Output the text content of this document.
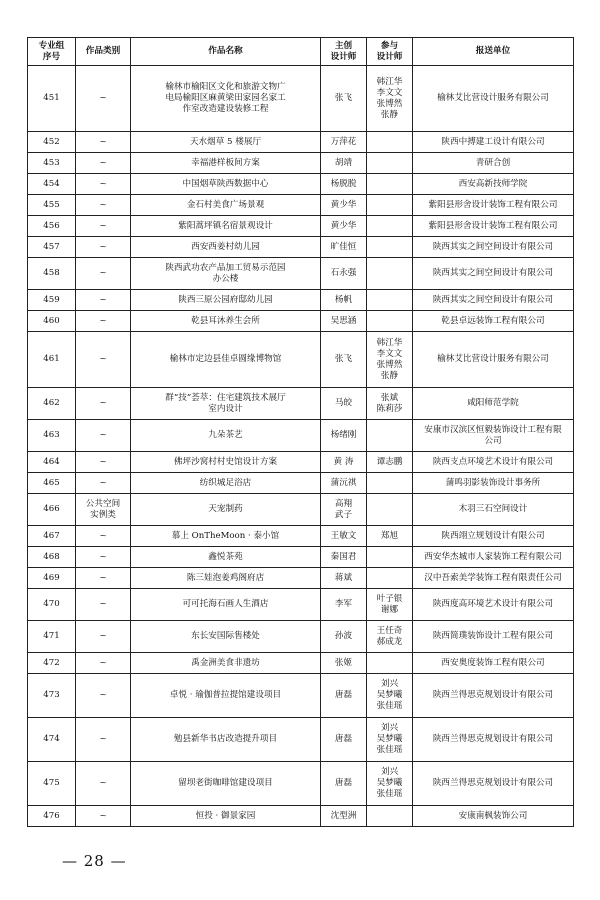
专业组
序号	作品类别	作品名称	主创
设计师	参与
设计师	报送单位
451	~	榆林市榆阳区文化和旅游文物广
电局榆阳区麻黄梁田家园名家工
作室改造建设装修工程	张飞	韩江华
李文文
张博然
张静	榆林艾比营设计服务有限公司
452	~	天水烟草 5 楼展厅	万萍花		陕西中搏建工设计有限公司
453	~	幸福港样板间方案	胡靖		青研合创
454	~	中国烟草陕西数据中心	杨脱脱		西安高新技师学院
455	~	金石村美食广场景观	黄少华		紫阳县形舍设计装饰工程有限公司
456	~	紫阳蒿坪镇名宿景观设计	黄少华		紫阳县形舍设计装饰工程有限公司
457	~	西安西姜村幼儿园	旷佳恒		陕西其实之间空间设计有限公司
458	~	陕西武功农产品加工贸易示范园
办公楼	石永强		陕西其实之间空间设计有限公司
459	~	陕西三原公园府邸幼儿园	杨帆		陕西其实之间空间设计有限公司
460	~	乾县耳沐养生会所	吴思涵		乾县卓远装饰工程有限公司
461	~	榆林市定边县佳卓圆缘博物馆	张飞	韩江华
李文文
张博然
张静	榆林艾比营设计服务有限公司
462	~	群“技”荟萃：住宅建筑技术展厅
室内设计	马皎	张斌
陈莉莎	咸阳师范学院
463	~	九朵茶艺	杨绪刚		安康市汉滨区恒毅装饰设计工程有限
公司
464	~	佛坪沙窝村村史馆设计方案	黄 涛	谭志鹏	陕西支点环境艺术设计有限公司
465	~	纺织城足浴店	蒲沅祺		蒲鸣羽影装饰设计事务所
466	公共空间
实例类	天宠制药	高翔
武子		木羽三石空间设计
467	~	慕上 OnTheMoon · 泰小馆	王敏文	郑旭	陕西翊立规划设计有限公司
468	~	鑫悦茶苑	秦国君		西安华杰城市人家装饰工程有限公司
469	~	陈三娃泡姜鸡阁府店	蒋斌		汉中吾索美学装饰工程有限责任公司
470	~	可可托海石画人生酒店	李军	叶子银
谢娜	陕西度高环境艺术设计有限公司
471	~	东长安国际售楼处	孙波	王任奇
郝成龙	陕西简璞装饰设计工程有限公司
472	~	禹金洲美食非遗坊	张姬		西安奥度装饰工程有限公司
473	~	卓悦 · 瑜伽普拉提馆建设项目	唐磊	刘兴
吴梦曦
张佳瑶	陕西兰得思克规划设计有限公司
474	~	勉县新华书店改造提升项目	唐磊	刘兴
吴梦曦
张佳瑶	陕西兰得思克规划设计有限公司
475	~	留坝老街咖啡馆建设项目	唐磊	刘兴
吴梦曦
张佳瑶	陕西兰得思克规划设计有限公司
476	~	恒投 · 御景家园	沈型洲		安康南枫装饰公司
— 28 —
